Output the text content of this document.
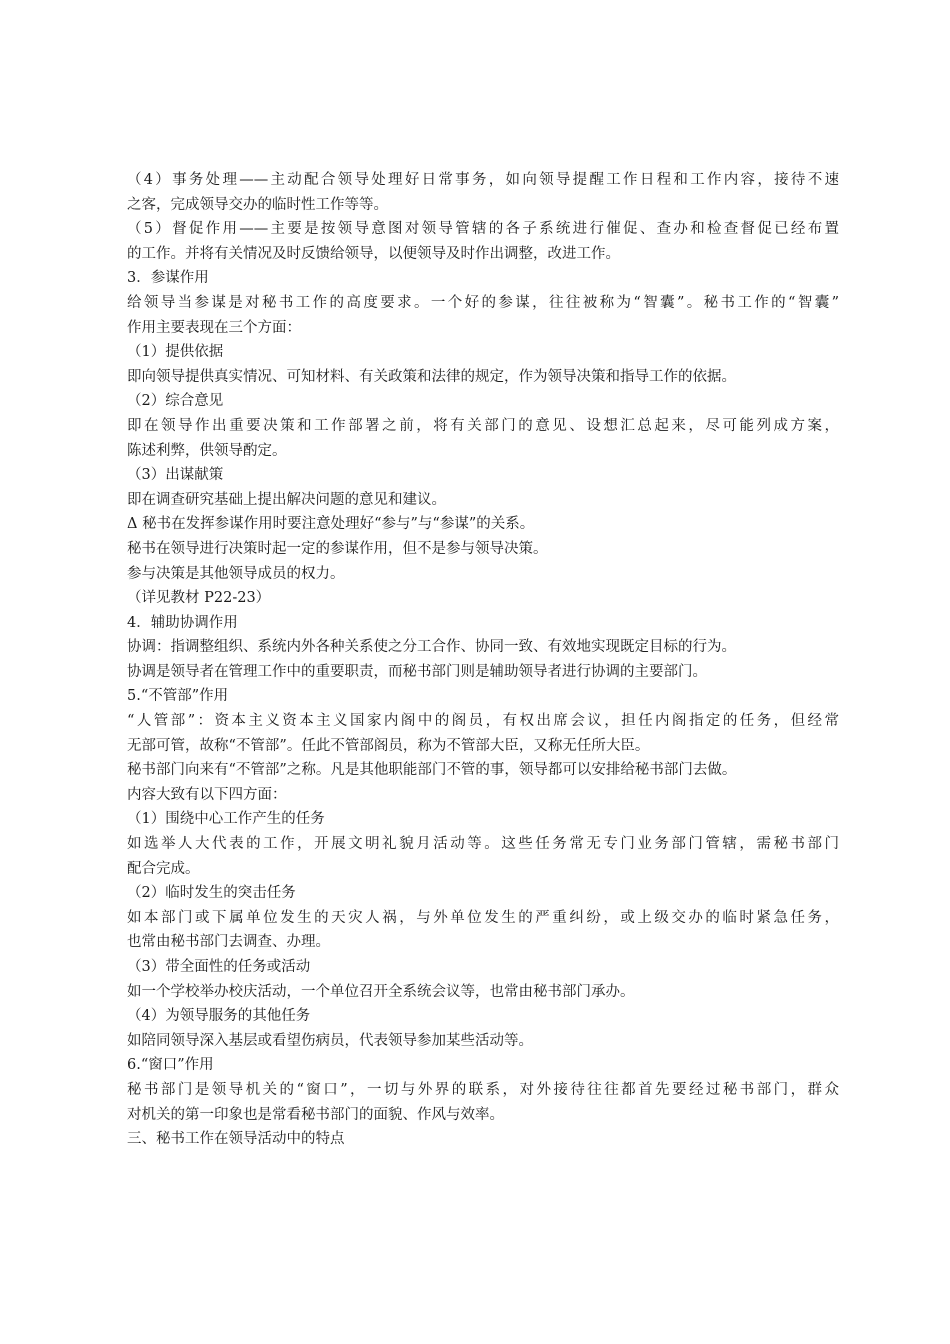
（4）事务处理——主动配合领导处理好日常事务，如向领导提醒工作日程和工作内容，接待不速
之客，完成领导交办的临时性工作等等。
（5）督促作用——主要是按领导意图对领导管辖的各子系统进行催促、查办和检查督促已经布置
的工作。并将有关情况及时反馈给领导，以便领导及时作出调整，改进工作。
3．参谋作用
给领导当参谋是对秘书工作的高度要求。一个好的参谋，往往被称为“智囊”。秘书工作的“智囊”
作用主要表现在三个方面：
（1）提供依据
即向领导提供真实情况、可知材料、有关政策和法律的规定，作为领导决策和指导工作的依据。
（2）综合意见
即在领导作出重要决策和工作部署之前，将有关部门的意见、设想汇总起来，尽可能列成方案，
陈述利弊，供领导酌定。
（3）出谋献策
即在调查研究基础上提出解决问题的意见和建议。
Δ 秘书在发挥参谋作用时要注意处理好“参与”与“参谋”的关系。
秘书在领导进行决策时起一定的参谋作用，但不是参与领导决策。
参与决策是其他领导成员的权力。
（详见教材 P22-23）
4．辅助协调作用
协调：指调整组织、系统内外各种关系使之分工合作、协同一致、有效地实现既定目标的行为。
协调是领导者在管理工作中的重要职责，而秘书部门则是辅助领导者进行协调的主要部门。
5.“不管部”作用
“人管部”：资本主义资本主义国家内阁中的阁员，有权出席会议，担任内阁指定的任务，但经常
无部可管，故称“不管部”。任此不管部阁员，称为不管部大臣，又称无任所大臣。
秘书部门向来有“不管部”之称。凡是其他职能部门不管的事，领导都可以安排给秘书部门去做。
内容大致有以下四方面：
（1）围绕中心工作产生的任务
如选举人大代表的工作，开展文明礼貌月活动等。这些任务常无专门业务部门管辖，需秘书部门
配合完成。
（2）临时发生的突击任务
如本部门或下属单位发生的天灾人祸，与外单位发生的严重纠纷，或上级交办的临时紧急任务，
也常由秘书部门去调查、办理。
（3）带全面性的任务或活动
如一个学校举办校庆活动，一个单位召开全系统会议等，也常由秘书部门承办。
（4）为领导服务的其他任务
如陪同领导深入基层或看望伤病员，代表领导参加某些活动等。
6.“窗口”作用
秘书部门是领导机关的“窗口”，一切与外界的联系，对外接待往往都首先要经过秘书部门，群众
对机关的第一印象也是常看秘书部门的面貌、作风与效率。
三、秘书工作在领导活动中的特点
